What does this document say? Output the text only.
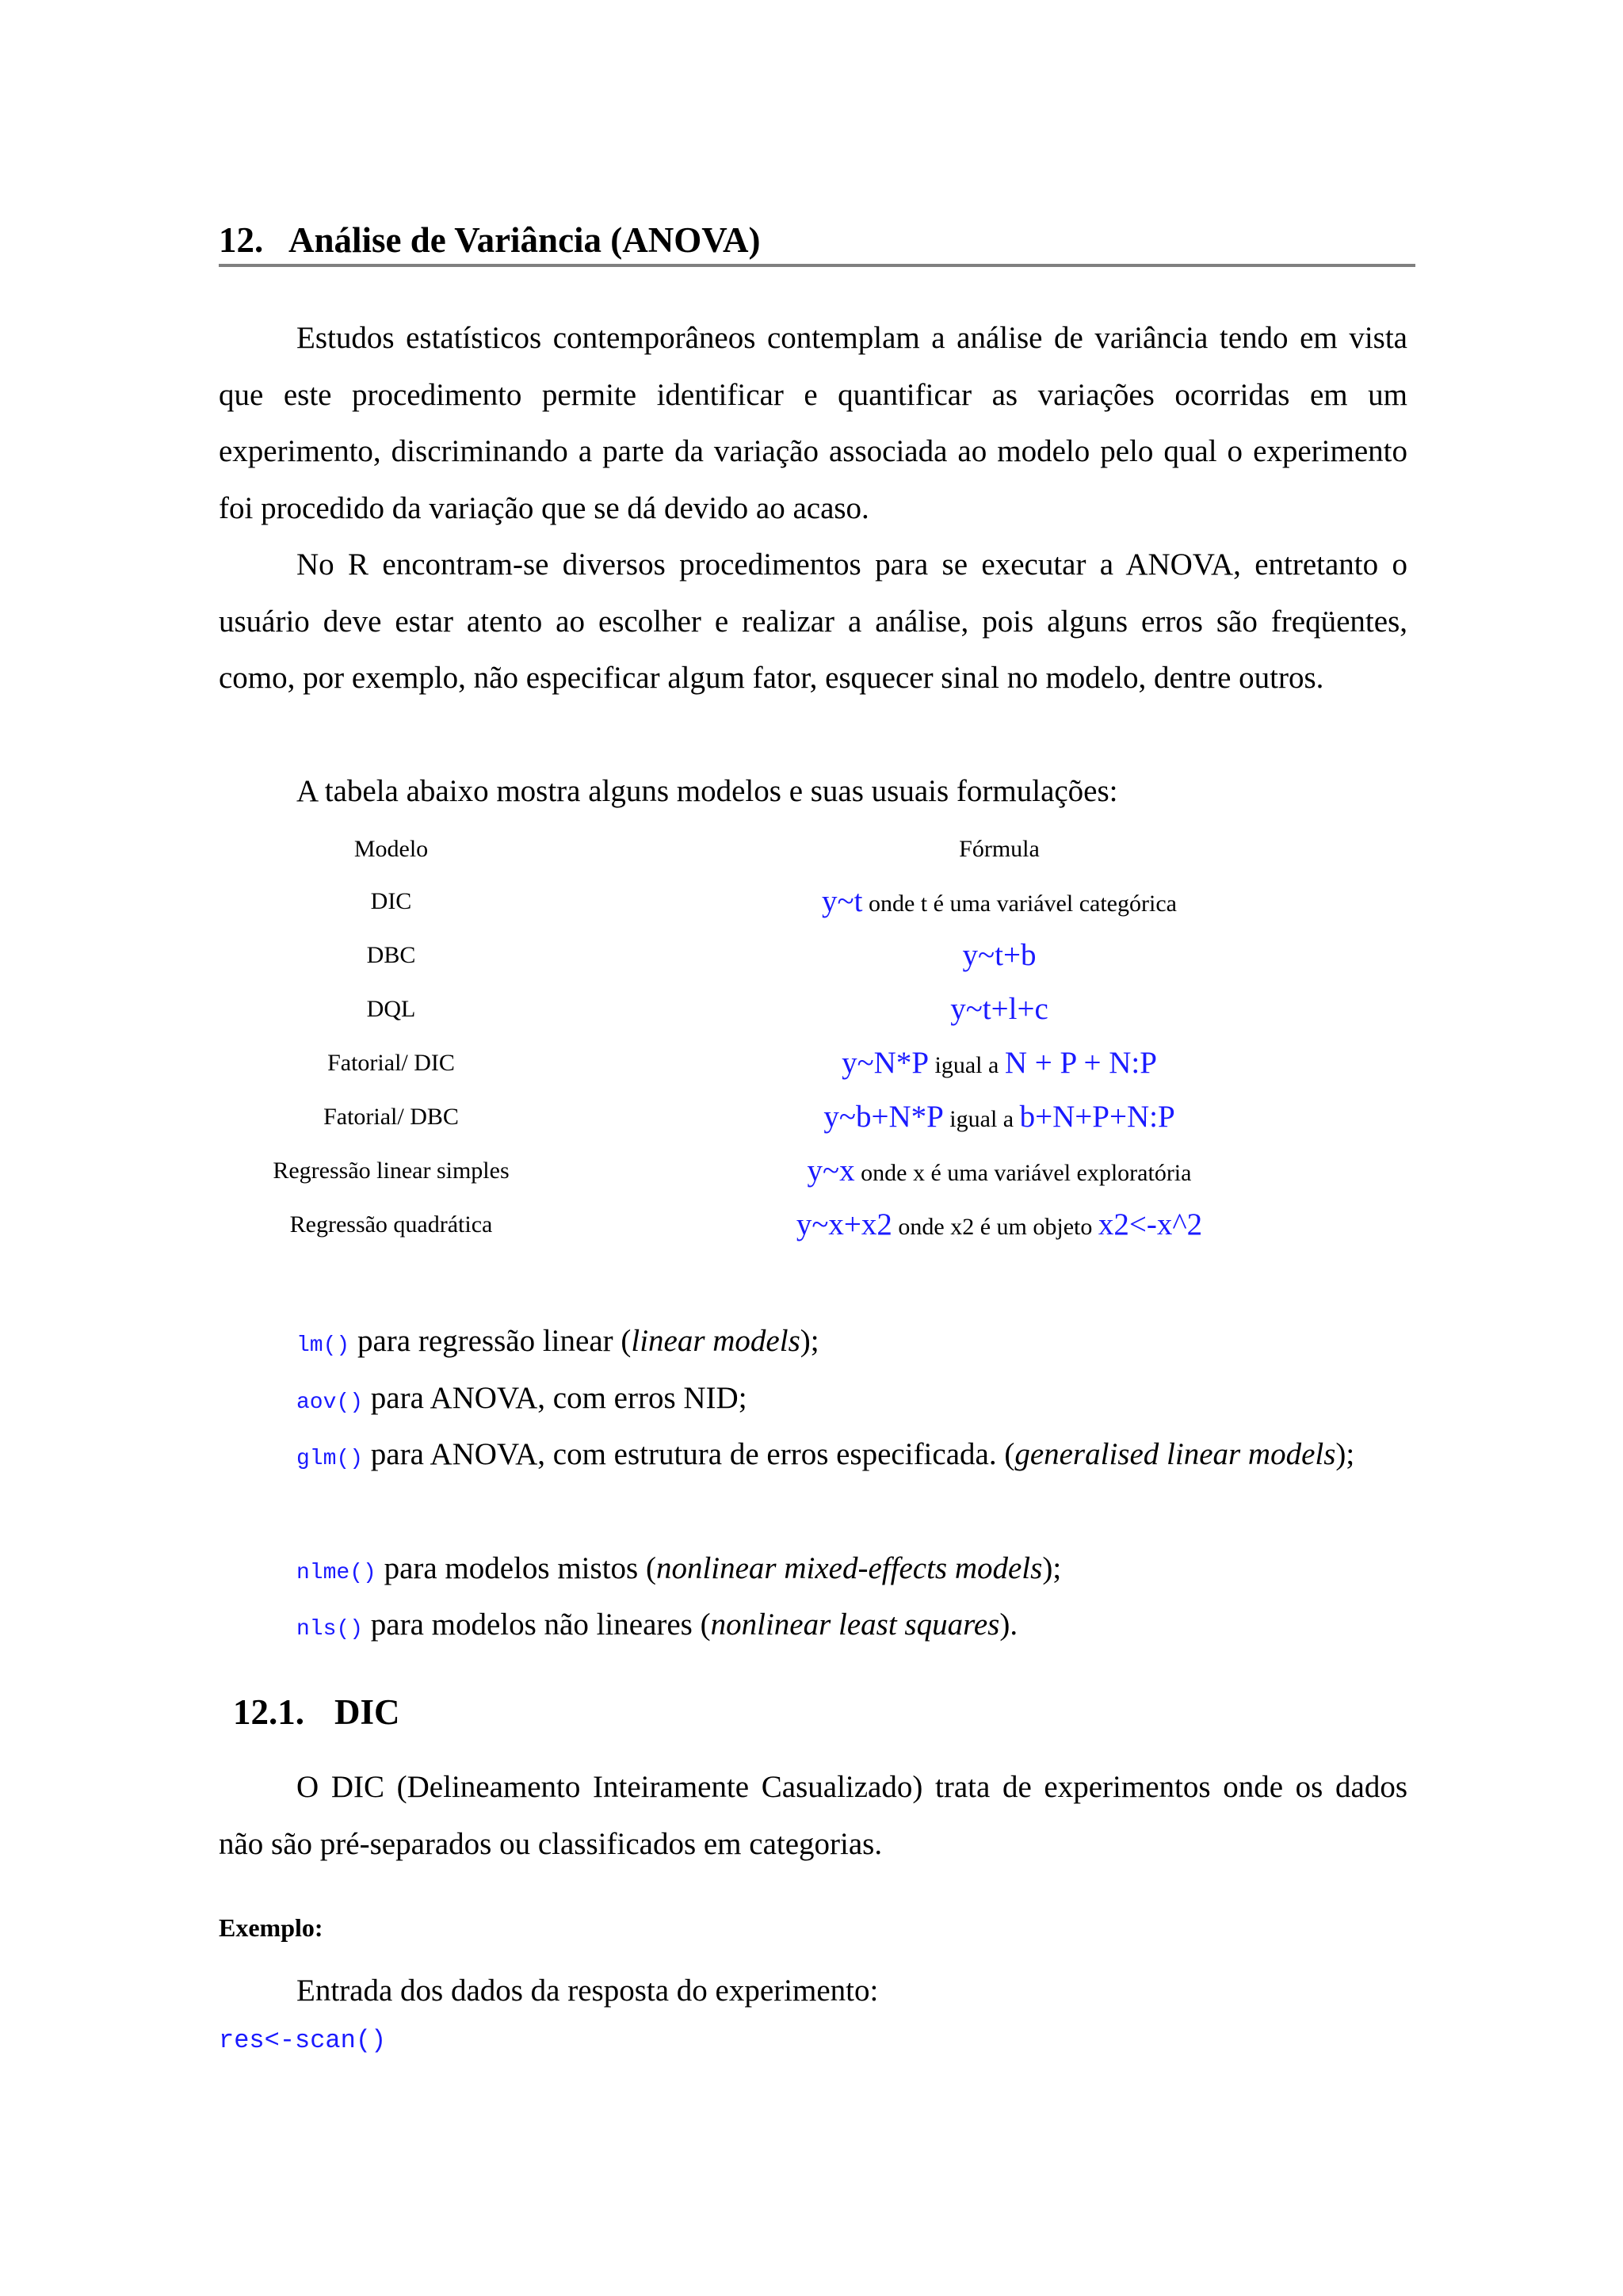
12. Análise de Variância (ANOVA)
Estudos estatísticos contemporâneos contemplam a análise de variância tendo em vista que este procedimento permite identificar e quantificar as variações ocorridas em um experimento, discriminando a parte da variação associada ao modelo pelo qual o experimento foi procedido da variação que se dá devido ao acaso.
No R encontram-se diversos procedimentos para se executar a ANOVA, entretanto o usuário deve estar atento ao escolher e realizar a análise, pois alguns erros são freqüentes, como, por exemplo, não especificar algum fator, esquecer sinal no modelo, dentre outros.
A tabela abaixo mostra alguns modelos e suas usuais formulações:
Modelo	Fórmula
DIC	y~t onde t é uma variável categórica
DBC	y~t+b
DQL	y~t+l+c
Fatorial/ DIC	y~N*P igual a N + P + N:P
Fatorial/ DBC	y~b+N*P igual a b+N+P+N:P
Regressão linear simples	y~x onde x é uma variável exploratória
Regressão quadrática	y~x+x2 onde x2 é um objeto x2<-x^2
lm() para regressão linear (linear models);
aov() para ANOVA, com erros NID;
glm() para ANOVA, com estrutura de erros especificada. (generalised linear models);
nlme() para modelos mistos (nonlinear mixed-effects models);
nls() para modelos não lineares (nonlinear least squares).
12.1. DIC
O DIC (Delineamento Inteiramente Casualizado) trata de experimentos onde os dados não são pré-separados ou classificados em categorias.
Exemplo:
Entrada dos dados da resposta do experimento:
res<-scan()
